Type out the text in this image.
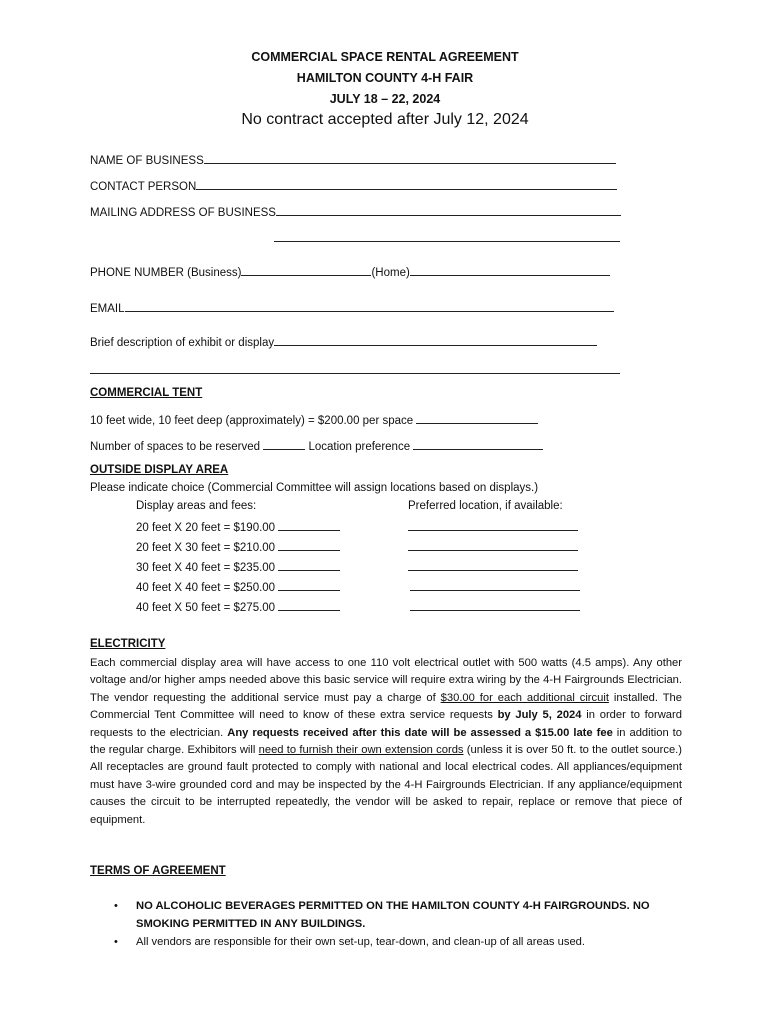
COMMERCIAL SPACE RENTAL AGREEMENT
HAMILTON COUNTY 4-H FAIR
JULY 18 – 22, 2024
No contract accepted after July 12, 2024
NAME OF BUSINESS
CONTACT PERSON
MAILING ADDRESS OF BUSINESS
PHONE NUMBER (Business)	(Home)
EMAIL
Brief description of exhibit or display
COMMERCIAL TENT
10 feet wide, 10 feet deep (approximately) = $200.00 per space
Number of spaces to be reserved	Location preference
OUTSIDE DISPLAY AREA
Please indicate choice (Commercial Committee will assign locations based on displays.)
Display areas and fees:	Preferred location, if available:
20 feet X 20 feet = $190.00
20 feet X 30 feet = $210.00
30 feet X 40 feet = $235.00
40 feet X 40 feet = $250.00
40 feet X 50 feet = $275.00
ELECTRICITY
Each commercial display area will have access to one 110 volt electrical outlet with 500 watts (4.5 amps). Any other voltage and/or higher amps needed above this basic service will require extra wiring by the 4-H Fairgrounds Electrician. The vendor requesting the additional service must pay a charge of $30.00 for each additional circuit installed. The Commercial Tent Committee will need to know of these extra service requests by July 5, 2024 in order to forward requests to the electrician. Any requests received after this date will be assessed a $15.00 late fee in addition to the regular charge. Exhibitors will need to furnish their own extension cords (unless it is over 50 ft. to the outlet source.) All receptacles are ground fault protected to comply with national and local electrical codes. All appliances/equipment must have 3-wire grounded cord and may be inspected by the 4-H Fairgrounds Electrician. If any appliance/equipment causes the circuit to be interrupted repeatedly, the vendor will be asked to repair, replace or remove that piece of equipment.
TERMS OF AGREEMENT
• NO ALCOHOLIC BEVERAGES PERMITTED ON THE HAMILTON COUNTY 4-H FAIRGROUNDS. NO SMOKING PERMITTED IN ANY BUILDINGS.
• All vendors are responsible for their own set-up, tear-down, and clean-up of all areas used.
